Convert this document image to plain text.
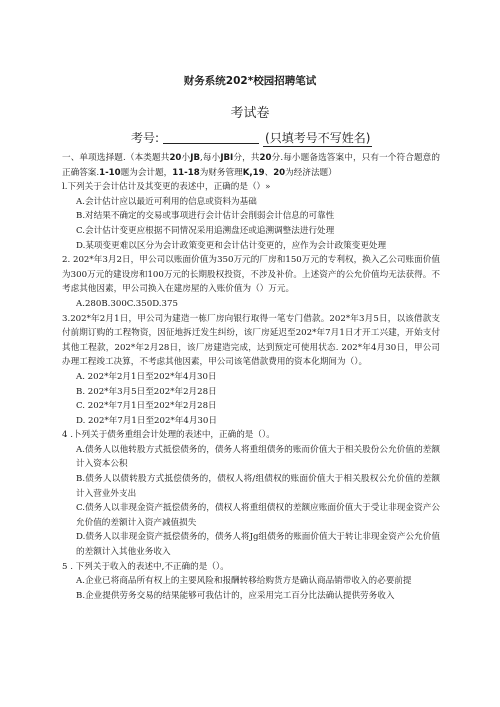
财务系统202*校园招聘笔试
考试卷
考号:	(只填考号不写姓名)

一、单项选择题.（本类题共20小JB,每小JBI分，共20分.每小题备选答案中，只有一个符合题意的正确答案.1-10题为会计题，11-18为财务管理K,19、20为经济法题）

l.下列关于会计估计及其变更的表述中，正确的是（）»

A.会计估计应以最近可利用的信息或资料为基础

B.对结果不确定的交易或事项进行会计估计会削弱会计信息的可靠性

C.会计估计变更应根据不同情况采用追溯盘还或追溯调整法进行处理

D.某项变更难以区分为会计政策变更和会计估计变更的，应作为会计政策变更处理

2. 202*年3月2日，甲公司以账面价值为350万元的厂房和150万元的专利权，换入乙公司账面价值为300万元的建设房和100万元的长期股权投资，不涉及补价。上述资产的公允价值均无法获得。不考虑其他因素，甲公司换入在建房屋的入账价值为（）万元。

A.280B.300C.350D.375

3.202*年2月1日，甲公司为建造一栋厂房向银行取得一笔专门借款。202*年3月5日，以该借款支付前期订购的工程物资，因征地拆迁发生纠纷，该厂房延迟至202*年7月1日才开工兴建，开始支付其他工程款，202*年2月28日，该厂房建造完成，达到预定可使用状态. 202*年4月30日，甲公司办理工程竣工决算，不考虑其他因素，甲公司该笔借款费用的资本化期间为（）。

A. 202*年2月1日至202*年4月30日

B. 202*年3月5日至202*年2月28日

C. 202*年7月1日至202*年2月28日

D. 202*年7月1日至202*年4月30日

4 .卜列关于债务重组会计处理的表述中，正确的是（）。

A.债务人以他转股方式抵偿债务的，债务人将重组债务的账而价值大于相关股份公允价值的差额计入资本公积

B.债务人以债转股方式抵偿债务的，债权人将/组债权的账面价值大于相关股权公允价值的差额计入营业外支出

C.债务人以非现金资产抵偿债务的，债权人将重组债权的差额应账面价值大于受让非现金资产公允价值的差额计入资产减值损失

D.债务人以非现金资产抵偿债务的，债务人将Jg组债务的账面价值大于转让非现金资产公允价值的差额计入其他业务收入

5 . 下列关于收入的表述中,不正确的是（）。

A.企业已将商品所有权上的主要风险和报酬转移给购货方是确认商品销带收入的必要前提

B.企业提供劳务交易的结果能够可我估计的，应采用完工百分比法确认提供劳务收入
